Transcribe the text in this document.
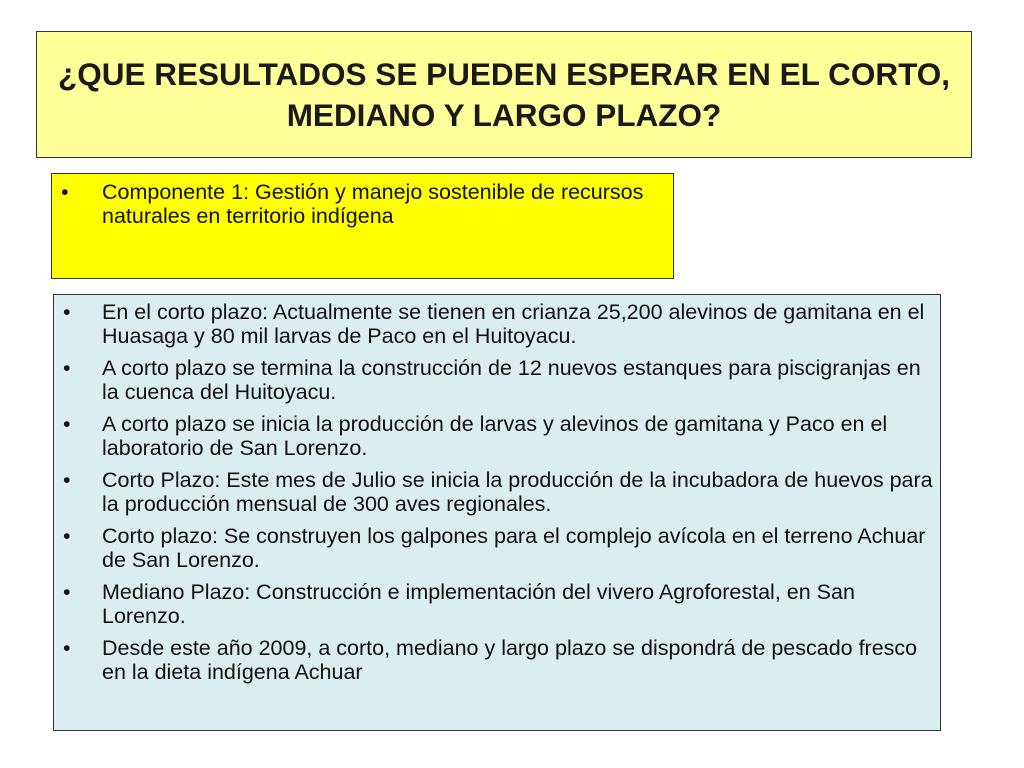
¿QUE RESULTADOS SE PUEDEN ESPERAR EN EL CORTO, MEDIANO Y LARGO PLAZO?
• Componente 1: Gestión y manejo sostenible de recursos naturales en territorio indígena
• En el corto plazo: Actualmente se tienen en crianza 25,200 alevinos de gamitana en el Huasaga y 80 mil larvas de Paco en el Huitoyacu.
• A corto plazo se termina la construcción de 12 nuevos estanques para piscigranjas en la cuenca del Huitoyacu.
• A corto plazo se inicia la producción de larvas y alevinos de gamitana y Paco en el laboratorio de San Lorenzo.
• Corto Plazo: Este mes de Julio se inicia la producción de la incubadora de huevos para la producción mensual de 300 aves regionales.
• Corto plazo: Se construyen los galpones para el complejo avícola en el terreno Achuar de San Lorenzo.
• Mediano Plazo: Construcción e implementación del vivero Agroforestal, en San Lorenzo.
• Desde este año 2009, a corto, mediano y largo plazo se dispondrá de pescado fresco en la dieta indígena Achuar
